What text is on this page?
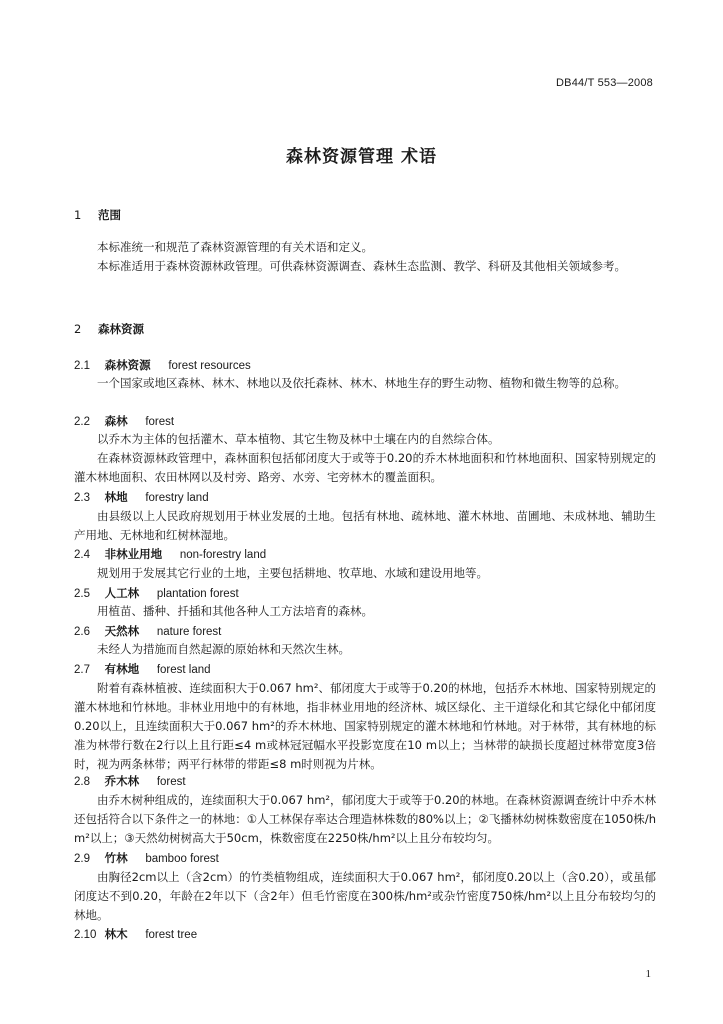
DB44/T 553—2008
森林资源管理 术语
1 范围
本标准统一和规范了森林资源管理的有关术语和定义。
本标准适用于森林资源林政管理。可供森林资源调查、森林生态监测、教学、科研及其他相关领域参考。
2 森林资源
2.1 森林资源 forest resources
一个国家或地区森林、林木、林地以及依托森林、林木、林地生存的野生动物、植物和微生物等的总称。
2.2 森林 forest
以乔木为主体的包括灌木、草本植物、其它生物及林中土壤在内的自然综合体。
在森林资源林政管理中，森林面积包括郁闭度大于或等于0.20的乔木林地面积和竹林地面积、国家特别规定的灌木林地面积、农田林网以及村旁、路旁、水旁、宅旁林木的覆盖面积。
2.3 林地 forestry land
由县级以上人民政府规划用于林业发展的土地。包括有林地、疏林地、灌木林地、苗圃地、未成林地、辅助生产用地、无林地和红树林湿地。
2.4 非林业用地 non-forestry land
规划用于发展其它行业的土地，主要包括耕地、牧草地、水域和建设用地等。
2.5 人工林 plantation forest
用植苗、播种、扦插和其他各种人工方法培育的森林。
2.6 天然林 nature forest
未经人为措施而自然起源的原始林和天然次生林。
2.7 有林地 forest land
附着有森林植被、连续面积大于0.067 hm²、郁闭度大于或等于0.20的林地，包括乔木林地、国家特别规定的灌木林地和竹林地。非林业用地中的有林地，指非林业用地的经济林、城区绿化、主干道绿化和其它绿化中郁闭度0.20以上，且连续面积大于0.067 hm²的乔木林地、国家特别规定的灌木林地和竹林地。对于林带，其有林地的标准为林带行数在2行以上且行距≤4 m或林冠冠幅水平投影宽度在10 m以上；当林带的缺损长度超过林带宽度3倍时，视为两条林带；两平行林带的带距≤8 m时则视为片林。
2.8 乔木林 forest
由乔木树种组成的，连续面积大于0.067 hm²，郁闭度大于或等于0.20的林地。在森林资源调查统计中乔木林还包括符合以下条件之一的林地：①人工林保存率达合理造林株数的80%以上；②飞播林幼树株数密度在1050株/hm²以上；③天然幼树树高大于50cm，株数密度在2250株/hm²以上且分布较均匀。
2.9 竹林 bamboo forest
由胸径2cm以上（含2cm）的竹类植物组成，连续面积大于0.067 hm²，郁闭度0.20以上（含0.20），或虽郁闭度达不到0.20，年龄在2年以下（含2年）但毛竹密度在300株/hm²或杂竹密度750株/hm²以上且分布较均匀的林地。
2.10 林木 forest tree
1
